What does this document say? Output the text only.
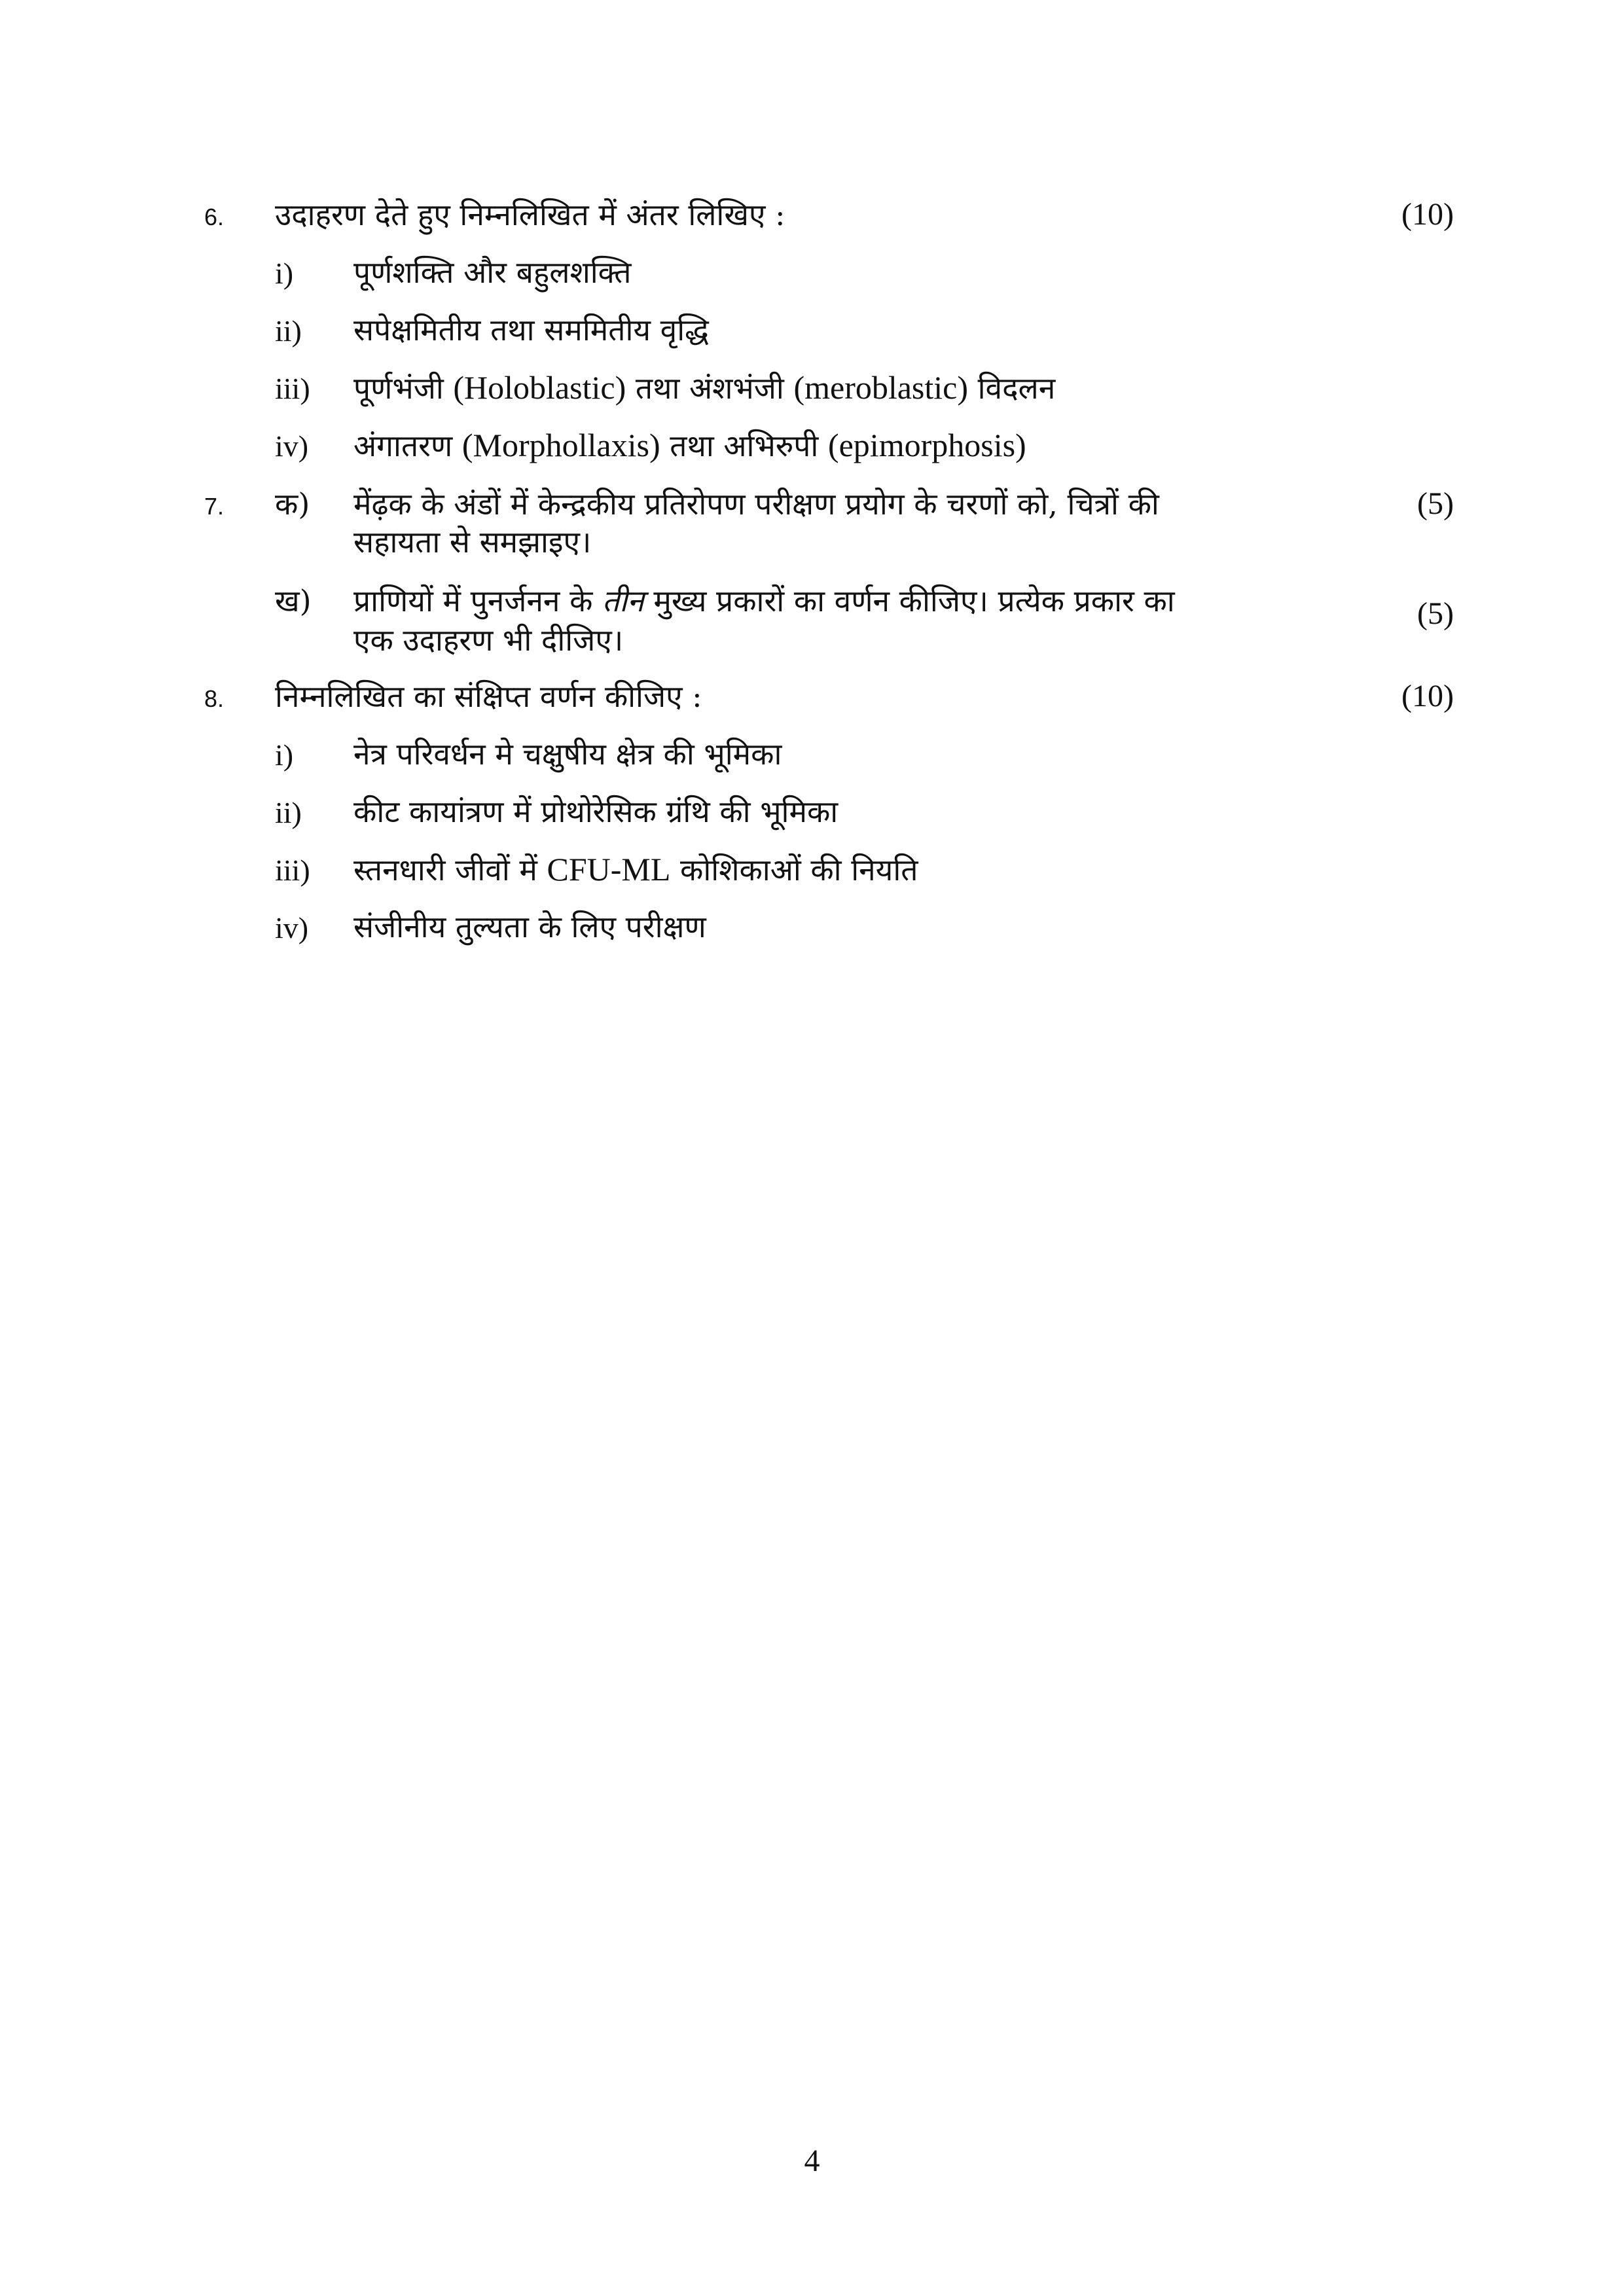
6. उदाहरण देते हुए निम्नलिखित में अंतर लिखिए :	(10)
i) पूर्णशक्ति और बहुलशक्ति
ii) सपेक्षमितीय तथा सममितीय वृद्धि
iii) पूर्णभंजी (Holoblastic) तथा अंशभंजी (meroblastic) विदलन
iv) अंगातरण (Morphollaxis) तथा अभिरुपी (epimorphosis)
7. क) मेंढ़क के अंडों में केन्द्रकीय प्रतिरोपण परीक्षण प्रयोग के चरणों को, चित्रों की
सहायता से समझाइए।
(5)
ख) प्राणियों में पुनर्जनन के तीन मुख्य प्रकारों का वर्णन कीजिए। प्रत्येक प्रकार का
एक उदाहरण भी दीजिए।
(5)
8. निम्नलिखित का संक्षिप्त वर्णन कीजिए :	(10)
i) नेत्र परिवर्धन मे चक्षुषीय क्षेत्र की भूमिका
ii) कीट कायांत्रण में प्रोथोरेसिक ग्रंथि की भूमिका
iii) स्तनधारी जीवों में CFU-ML कोशिकाओं की नियति
iv) संजीनीय तुल्यता के लिए परीक्षण
4
